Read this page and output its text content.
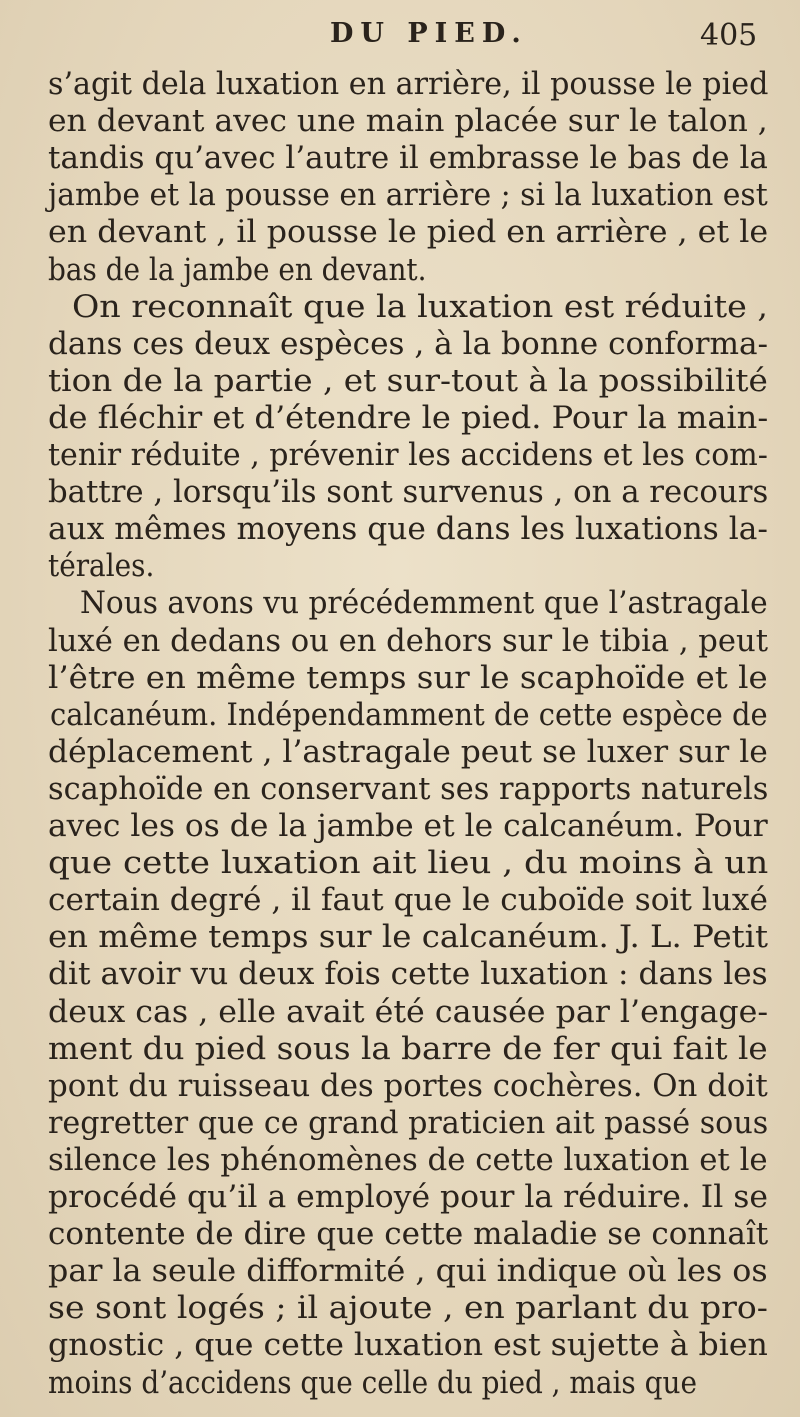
DU PIED.	405
s’agit dela luxation en arrière, il pousse le pied
en devant avec une main placée sur le talon ,
tandis qu’avec l’autre il embrasse le bas de la
jambe et la pousse en arrière ; si la luxation est
en devant , il pousse le pied en arrière , et le
bas de la jambe en devant.
On reconnaît que la luxation est réduite ,
dans ces deux espèces , à la bonne conforma-
tion de la partie , et sur-tout à la possibilité
de fléchir et d’étendre le pied. Pour la main-
tenir réduite , prévenir les accidens et les com-
battre , lorsqu’ils sont survenus , on a recours
aux mêmes moyens que dans les luxations la-
térales.
Nous avons vu précédemment que l’astragale
luxé en dedans ou en dehors sur le tibia , peut
l’être en même temps sur le scaphoïde et le
calcanéum. Indépendamment de cette espèce de
déplacement , l’astragale peut se luxer sur le
scaphoïde en conservant ses rapports naturels
avec les os de la jambe et le calcanéum. Pour
que cette luxation ait lieu , du moins à un
certain degré , il faut que le cuboïde soit luxé
en même temps sur le calcanéum. J. L. Petit
dit avoir vu deux fois cette luxation : dans les
deux cas , elle avait été causée par l’engage-
ment du pied sous la barre de fer qui fait le
pont du ruisseau des portes cochères. On doit
regretter que ce grand praticien ait passé sous
silence les phénomènes de cette luxation et le
procédé qu’il a employé pour la réduire. Il se
contente de dire que cette maladie se connaît
par la seule difformité , qui indique où les os
se sont logés ; il ajoute , en parlant du pro-
gnostic , que cette luxation est sujette à bien
moins d’accidens que celle du pied , mais que
